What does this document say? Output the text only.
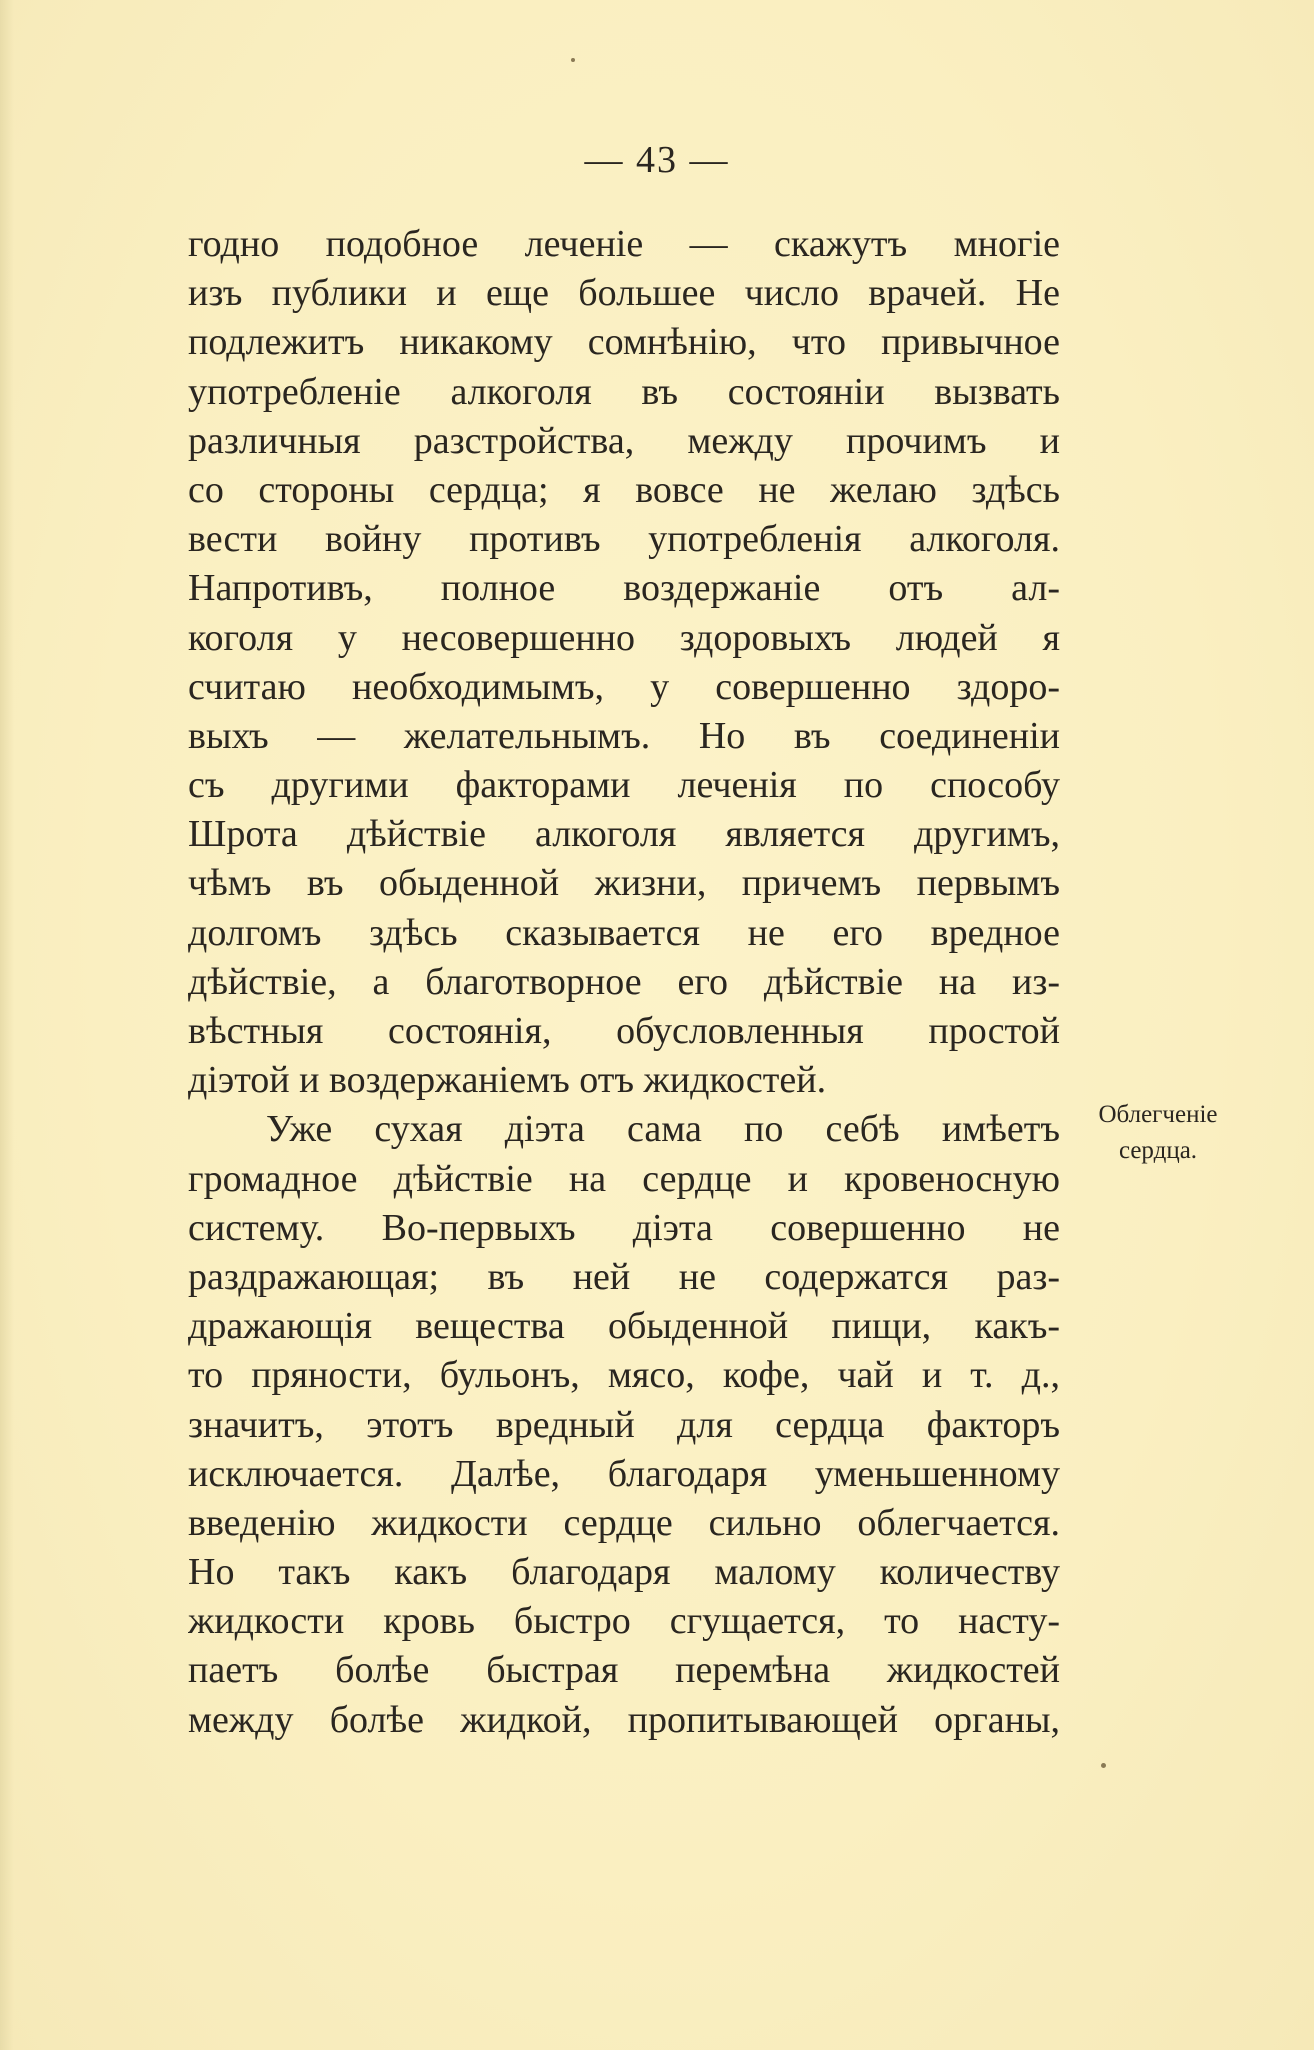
— 43 —
годно подобное леченіе — скажутъ многіе
изъ публики и еще большее число врачей. Не
подлежитъ никакому сомнѣнію, что привычное
употребленіе алкоголя въ состояніи вызвать
различныя разстройства, между прочимъ и
со стороны сердца; я вовсе не желаю здѣсь
вести войну противъ употребленія алкоголя.
Напротивъ, полное воздержаніе отъ ал-
коголя у несовершенно здоровыхъ людей я
считаю необходимымъ, у совершенно здоро-
выхъ — желательнымъ. Но въ соединеніи
съ другими факторами леченія по способу
Шрота дѣйствіе алкоголя является другимъ,
чѣмъ въ обыденной жизни, причемъ первымъ
долгомъ здѣсь сказывается не его вредное
дѣйствіе, а благотворное его дѣйствіе на из-
вѣстныя состоянія, обусловленныя простой
діэтой и воздержаніемъ отъ жидкостей.
Уже сухая діэта сама по себѣ имѣетъ
громадное дѣйствіе на сердце и кровеносную
систему. Во-первыхъ діэта совершенно не
раздражающая; въ ней не содержатся раз-
дражающія вещества обыденной пищи, какъ-
то пряности, бульонъ, мясо, кофе, чай и т. д.,
значитъ, этотъ вредный для сердца факторъ
исключается. Далѣе, благодаря уменьшенному
введенію жидкости сердце сильно облегчается.
Но такъ какъ благодаря малому количеству
жидкости кровь быстро сгущается, то насту-
паетъ болѣе быстрая перемѣна жидкостей
между болѣе жидкой, пропитывающей органы,
Облегченіе
сердца.
